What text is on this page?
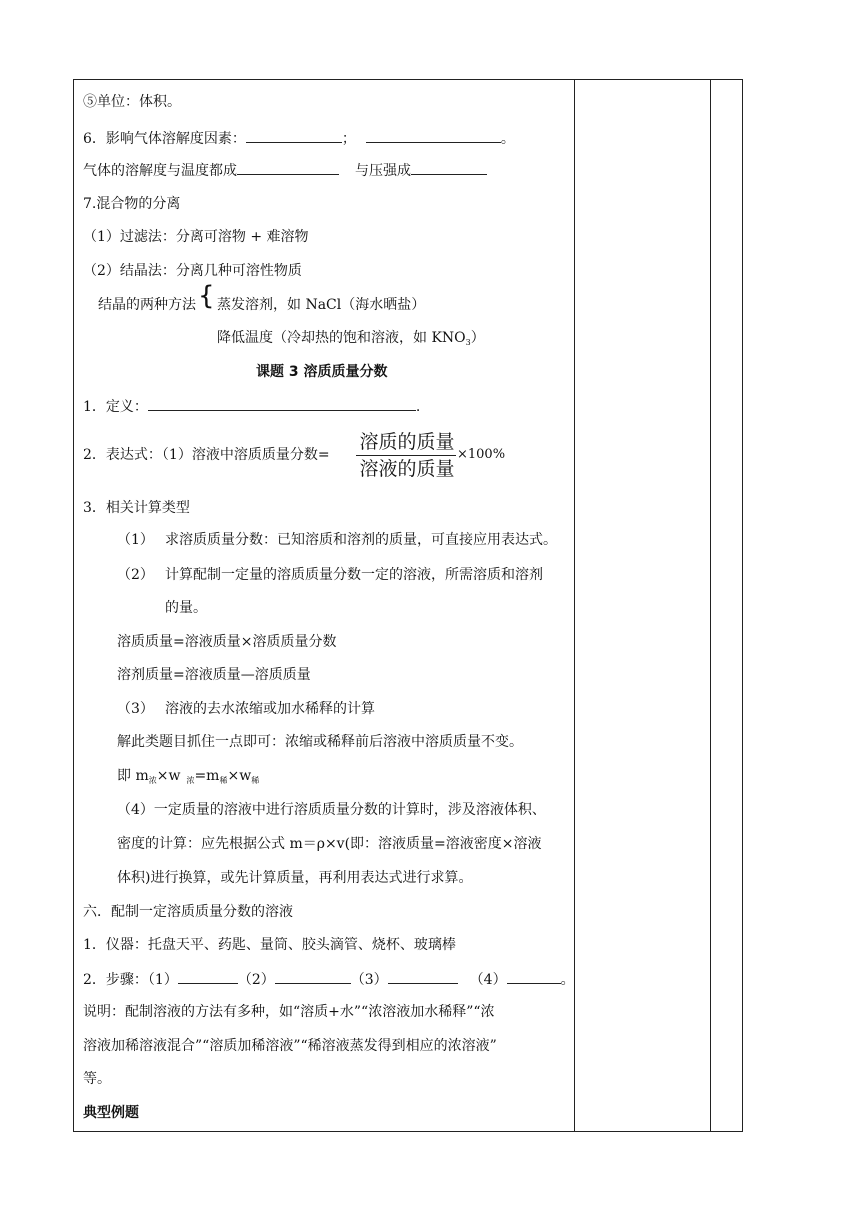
⑤单位：体积。
6．影响气体溶解度因素：	；	。
气体的溶解度与温度都成	与压强成
7.混合物的分离
（1）过滤法：分离可溶物 + 难溶物
（2）结晶法：分离几种可溶性物质
结晶的两种方法 { 蒸发溶剂，如 NaCl（海水晒盐）
降低温度（冷却热的饱和溶液，如 $KNO_3$）
课题 3 溶质质量分数
1．定义：	.
2．表达式：（1）溶液中溶质质量分数=
溶质的质量
溶液的质量
×100%
3．相关计算类型
（1） 求溶质质量分数：已知溶质和溶剂的质量，可直接应用表达式。
（2） 计算配制一定量的溶质质量分数一定的溶液，所需溶质和溶剂
的量。
溶质质量=溶液质量×溶质质量分数
溶剂质量=溶液质量—溶质质量
（3） 溶液的去水浓缩或加水稀释的计算
解此类题目抓住一点即可：浓缩或稀释前后溶液中溶质质量不变。
即 $m_浓\times w$ $_浓=m_稀\times w_稀$
（4）一定质量的溶液中进行溶质质量分数的计算时，涉及溶液体积、
密度的计算：应先根据公式 m＝ρ×v(即：溶液质量=溶液密度×溶液
体积)进行换算，或先计算质量，再利用表达式进行求算。
六．配制一定溶质质量分数的溶液
1．仪器：托盘天平、药匙、量筒、胶头滴管、烧杯、玻璃棒
2．步骤：（1）	（2）	（3）	（4）	。
说明：配制溶液的方法有多种，如“溶质+水”“浓溶液加水稀释”“浓
溶液加稀溶液混合”“溶质加稀溶液”“稀溶液蒸发得到相应的浓溶液”
等。
典型例题
